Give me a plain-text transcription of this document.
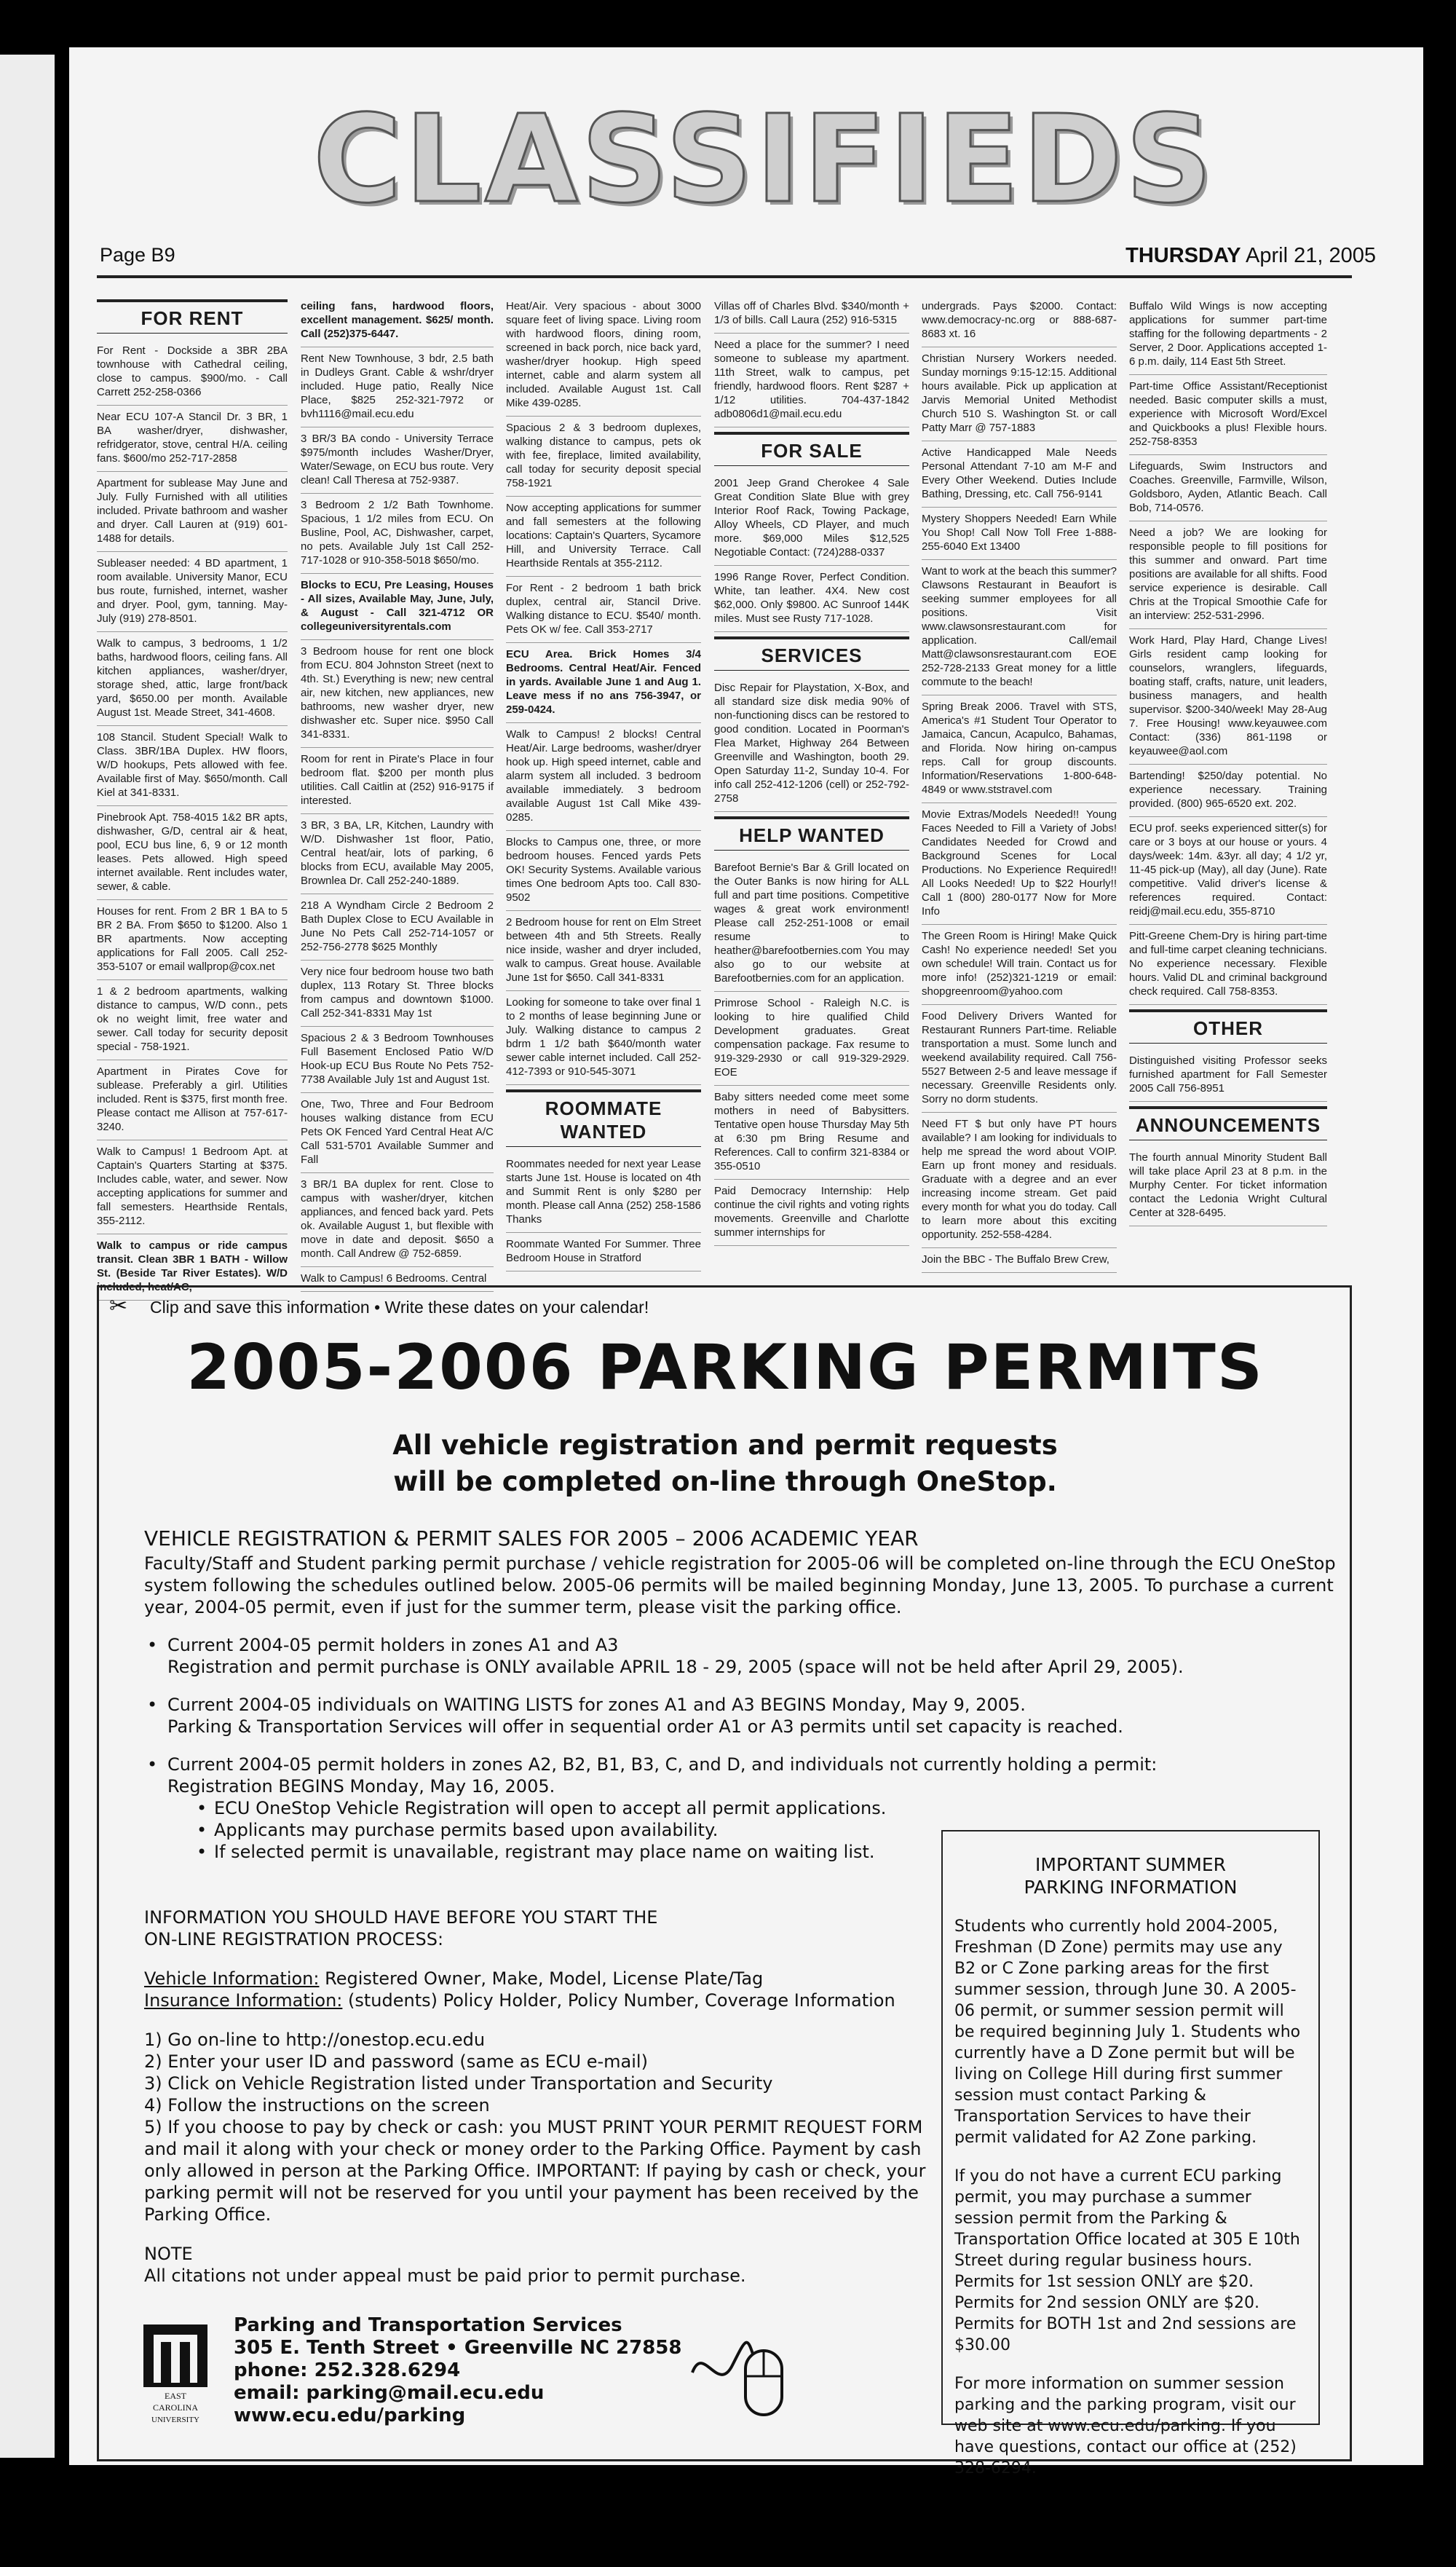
CLASSIFIEDS
Page B9	THURSDAY April 21, 2005
FOR RENT
For Rent - Dockside a 3BR 2BA townhouse with Cathedral ceiling, close to campus. $900/mo. - Call Carrett 252-258-0366
Near ECU 107-A Stancil Dr. 3 BR, 1 BA washer/dryer, dishwasher, refridgerator, stove, central H/A. ceiling fans. $600/mo 252-717-2858
Apartment for sublease May June and July. Fully Furnished with all utilities included. Private bathroom and washer and dryer. Call Lauren at (919) 601-1488 for details.
Subleaser needed: 4 BD apartment, 1 room available. University Manor, ECU bus route, furnished, internet, washer and dryer. Pool, gym, tanning. May-July (919) 278-8501.
Walk to campus, 3 bedrooms, 1 1/2 baths, hardwood floors, ceiling fans. All kitchen appliances, washer/dryer, storage shed, attic, large front/back yard, $650.00 per month. Available August 1st. Meade Street, 341-4608.
108 Stancil. Student Special! Walk to Class. 3BR/1BA Duplex. HW floors, W/D hookups, Pets allowed with fee. Available first of May. $650/month. Call Kiel at 341-8331.
Pinebrook Apt. 758-4015 1&2 BR apts, dishwasher, G/D, central air & heat, pool, ECU bus line, 6, 9 or 12 month leases. Pets allowed. High speed internet available. Rent includes water, sewer, & cable.
Houses for rent. From 2 BR 1 BA to 5 BR 2 BA. From $650 to $1200. Also 1 BR apartments. Now accepting applications for Fall 2005. Call 252-353-5107 or email wallprop@cox.net
1 & 2 bedroom apartments, walking distance to campus, W/D conn., pets ok no weight limit, free water and sewer. Call today for security deposit special - 758-1921.
Apartment in Pirates Cove for sublease. Preferably a girl. Utilities included. Rent is $375, first month free. Please contact me Allison at 757-617-3240.
Walk to Campus! 1 Bedroom Apt. at Captain's Quarters Starting at $375. Includes cable, water, and sewer. Now accepting applications for summer and fall semesters. Hearthside Rentals, 355-2112.
Walk to campus or ride campus transit. Clean 3BR 1 BATH - Willow St. (Beside Tar River Estates). W/D included, heat/AC,
ceiling fans, hardwood floors, excellent management. $625/ month. Call (252)375-6447.
Rent New Townhouse, 3 bdr, 2.5 bath in Dudleys Grant. Cable & wshr/dryer included. Huge patio, Really Nice Place, $825 252-321-7972 or bvh1116@mail.ecu.edu
3 BR/3 BA condo - University Terrace $975/month includes Washer/Dryer, Water/Sewage, on ECU bus route. Very clean! Call Theresa at 752-9387.
3 Bedroom 2 1/2 Bath Townhome. Spacious, 1 1/2 miles from ECU. On Busline, Pool, AC, Dishwasher, carpet, no pets. Available July 1st Call 252-717-1028 or 910-358-5018 $650/mo.
Blocks to ECU, Pre Leasing, Houses - All sizes, Available May, June, July, & August - Call 321-4712 OR collegeuniversityrentals.com
3 Bedroom house for rent one block from ECU. 804 Johnston Street (next to 4th. St.) Everything is new; new central air, new kitchen, new appliances, new bathrooms, new washer dryer, new dishwasher etc. Super nice. $950 Call 341-8331.
Room for rent in Pirate's Place in four bedroom flat. $200 per month plus utilities. Call Caitlin at (252) 916-9175 if interested.
3 BR, 3 BA, LR, Kitchen, Laundry with W/D. Dishwasher 1st floor, Patio, Central heat/air, lots of parking, 6 blocks from ECU, available May 2005, Brownlea Dr. Call 252-240-1889.
218 A Wyndham Circle 2 Bedroom 2 Bath Duplex Close to ECU Available in June No Pets Call 252-714-1057 or 252-756-2778 $625 Monthly
Very nice four bedroom house two bath duplex, 113 Rotary St. Three blocks from campus and downtown $1000. Call 252-341-8331 May 1st
Spacious 2 & 3 Bedroom Townhouses Full Basement Enclosed Patio W/D Hook-up ECU Bus Route No Pets 752-7738 Available July 1st and August 1st.
One, Two, Three and Four Bedroom houses walking distance from ECU Pets OK Fenced Yard Central Heat A/C Call 531-5701 Available Summer and Fall
3 BR/1 BA duplex for rent. Close to campus with washer/dryer, kitchen appliances, and fenced back yard. Pets ok. Available August 1, but flexible with move in date and deposit. $650 a month. Call Andrew @ 752-6859.
Walk to Campus! 6 Bedrooms. Central
Heat/Air. Very spacious - about 3000 square feet of living space. Living room with hardwood floors, dining room, screened in back porch, nice back yard, washer/dryer hookup. High speed internet, cable and alarm system all included. Available August 1st. Call Mike 439-0285.
Spacious 2 & 3 bedroom duplexes, walking distance to campus, pets ok with fee, fireplace, limited availability, call today for security deposit special 758-1921
Now accepting applications for summer and fall semesters at the following locations: Captain's Quarters, Sycamore Hill, and University Terrace. Call Hearthside Rentals at 355-2112.
For Rent - 2 bedroom 1 bath brick duplex, central air, Stancil Drive. Walking distance to ECU. $540/ month. Pets OK w/ fee. Call 353-2717
ECU Area. Brick Homes 3/4 Bedrooms. Central Heat/Air. Fenced in yards. Available June 1 and Aug 1. Leave mess if no ans 756-3947, or 259-0424.
Walk to Campus! 2 blocks! Central Heat/Air. Large bedrooms, washer/dryer hook up. High speed internet, cable and alarm system all included. 3 bedroom available immediately. 3 bedroom available August 1st Call Mike 439-0285.
Blocks to Campus one, three, or more bedroom houses. Fenced yards Pets OK! Security Systems. Available various times One bedroom Apts too. Call 830-9502
2 Bedroom house for rent on Elm Street between 4th and 5th Streets. Really nice inside, washer and dryer included, walk to campus. Great house. Available June 1st for $650. Call 341-8331
Looking for someone to take over final 1 to 2 months of lease beginning June or July. Walking distance to campus 2 bdrm 1 1/2 bath $640/month water sewer cable internet included. Call 252-412-7393 or 910-545-3071
ROOMMATE WANTED
Roommates needed for next year Lease starts June 1st. House is located on 4th and Summit Rent is only $280 per month. Please call Anna (252) 258-1586 Thanks
Roommate Wanted For Summer. Three Bedroom House in Stratford
Villas off of Charles Blvd. $340/month + 1/3 of bills. Call Laura (252) 916-5315
Need a place for the summer? I need someone to sublease my apartment. 11th Street, walk to campus, pet friendly, hardwood floors. Rent $287 + 1/12 utilities. 704-437-1842 adb0806d1@mail.ecu.edu
FOR SALE
2001 Jeep Grand Cherokee 4 Sale Great Condition Slate Blue with grey Interior Roof Rack, Towing Package, Alloy Wheels, CD Player, and much more. $69,000 Miles $12,525 Negotiable Contact: (724)288-0337
1996 Range Rover, Perfect Condition. White, tan leather. 4X4. New cost $62,000. Only $9800. AC Sunroof 144K miles. Must see Rusty 717-1028.
SERVICES
Disc Repair for Playstation, X-Box, and all standard size disk media 90% of non-functioning discs can be restored to good condition. Located in Poorman's Flea Market, Highway 264 Between Greenville and Washington, booth 29. Open Saturday 11-2, Sunday 10-4. For info call 252-412-1206 (cell) or 252-792-2758
HELP WANTED
Barefoot Bernie's Bar & Grill located on the Outer Banks is now hiring for ALL full and part time positions. Competitive wages & great work environment! Please call 252-251-1008 or email resume to heather@barefootbernies.com You may also go to our website at Barefootbernies.com for an application.
Primrose School - Raleigh N.C. is looking to hire qualified Child Development graduates. Great compensation package. Fax resume to 919-329-2930 or call 919-329-2929. EOE
Baby sitters needed come meet some mothers in need of Babysitters. Tentative open house Thursday May 5th at 6:30 pm Bring Resume and References. Call to confirm 321-8384 or 355-0510
Paid Democracy Internship: Help continue the civil rights and voting rights movements. Greenville and Charlotte summer internships for
undergrads. Pays $2000. Contact: www.democracy-nc.org or 888-687-8683 xt. 16
Christian Nursery Workers needed. Sunday mornings 9:15-12:15. Additional hours available. Pick up application at Jarvis Memorial United Methodist Church 510 S. Washington St. or call Patty Marr @ 757-1883
Active Handicapped Male Needs Personal Attendant 7-10 am M-F and Every Other Weekend. Duties Include Bathing, Dressing, etc. Call 756-9141
Mystery Shoppers Needed! Earn While You Shop! Call Now Toll Free 1-888-255-6040 Ext 13400
Want to work at the beach this summer? Clawsons Restaurant in Beaufort is seeking summer employees for all positions. Visit www.clawsonsrestaurant.com for application. Call/email Matt@clawsonsrestaurant.com EOE 252-728-2133 Great money for a little commute to the beach!
Spring Break 2006. Travel with STS, America's #1 Student Tour Operator to Jamaica, Cancun, Acapulco, Bahamas, and Florida. Now hiring on-campus reps. Call for group discounts. Information/Reservations 1-800-648-4849 or www.ststravel.com
Movie Extras/Models Needed!! Young Faces Needed to Fill a Variety of Jobs! Candidates Needed for Crowd and Background Scenes for Local Productions. No Experience Required!! All Looks Needed! Up to $22 Hourly!! Call 1 (800) 280-0177 Now for More Info
The Green Room is Hiring! Make Quick Cash! No experience needed! Set you own schedule! Will train. Contact us for more info! (252)321-1219 or email: shopgreenroom@yahoo.com
Food Delivery Drivers Wanted for Restaurant Runners Part-time. Reliable transportation a must. Some lunch and weekend availability required. Call 756-5527 Between 2-5 and leave message if necessary. Greenville Residents only. Sorry no dorm students.
Need FT $ but only have PT hours available? I am looking for individuals to help me spread the word about VOIP. Earn up front money and residuals. Graduate with a degree and an ever increasing income stream. Get paid every month for what you do today. Call to learn more about this exciting opportunity. 252-558-4284.
Join the BBC - The Buffalo Brew Crew,
Buffalo Wild Wings is now accepting applications for summer part-time staffing for the following departments - 2 Server, 2 Door. Applications accepted 1-6 p.m. daily, 114 East 5th Street.
Part-time Office Assistant/Receptionist needed. Basic computer skills a must, experience with Microsoft Word/Excel and Quickbooks a plus! Flexible hours. 252-758-8353
Lifeguards, Swim Instructors and Coaches. Greenville, Farmville, Wilson, Goldsboro, Ayden, Atlantic Beach. Call Bob, 714-0576.
Need a job? We are looking for responsible people to fill positions for this summer and onward. Part time positions are available for all shifts. Food service experience is desirable. Call Chris at the Tropical Smoothie Cafe for an interview: 252-531-2996.
Work Hard, Play Hard, Change Lives! Girls resident camp looking for counselors, wranglers, lifeguards, boating staff, crafts, nature, unit leaders, business managers, and health supervisor. $200-340/week! May 28-Aug 7. Free Housing! www.keyauwee.com Contact: (336) 861-1198 or keyauwee@aol.com
Bartending! $250/day potential. No experience necessary. Training provided. (800) 965-6520 ext. 202.
ECU prof. seeks experienced sitter(s) for care or 3 boys at our house or yours. 4 days/week: 14m. &3yr. all day; 4 1/2 yr, 11-45 pick-up (May), all day (June). Rate competitive. Valid driver's license & references required. Contact: reidj@mail.ecu.edu, 355-8710
Pitt-Greene Chem-Dry is hiring part-time and full-time carpet cleaning technicians. No experience necessary. Flexible hours. Valid DL and criminal background check required. Call 758-8353.
OTHER
Distinguished visiting Professor seeks furnished apartment for Fall Semester 2005 Call 756-8951
ANNOUNCEMENTS
The fourth annual Minority Student Ball will take place April 23 at 8 p.m. in the Murphy Center. For ticket information contact the Ledonia Wright Cultural Center at 328-6495.
✂ Clip and save this information • Write these dates on your calendar!
2005-2006 PARKING PERMITS
All vehicle registration and permit requests
will be completed on-line through OneStop.
VEHICLE REGISTRATION & PERMIT SALES FOR 2005 – 2006 ACADEMIC YEAR
Faculty/Staff and Student parking permit purchase / vehicle registration for 2005-06 will be completed on-line through the ECU OneStop system following the schedules outlined below. 2005-06 permits will be mailed beginning Monday, June 13, 2005. To purchase a current year, 2004-05 permit, even if just for the summer term, please visit the parking office.
• Current 2004-05 permit holders in zones A1 and A3
Registration and permit purchase is ONLY available APRIL 18 - 29, 2005 (space will not be held after April 29, 2005).
• Current 2004-05 individuals on WAITING LISTS for zones A1 and A3 BEGINS Monday, May 9, 2005.
Parking & Transportation Services will offer in sequential order A1 or A3 permits until set capacity is reached.
• Current 2004-05 permit holders in zones A2, B2, B1, B3, C, and D, and individuals not currently holding a permit:
Registration BEGINS Monday, May 16, 2005.
• ECU OneStop Vehicle Registration will open to accept all permit applications.
• Applicants may purchase permits based upon availability.
• If selected permit is unavailable, registrant may place name on waiting list.
INFORMATION YOU SHOULD HAVE BEFORE YOU START THE
ON-LINE REGISTRATION PROCESS:
Vehicle Information: Registered Owner, Make, Model, License Plate/Tag
Insurance Information: (students) Policy Holder, Policy Number, Coverage Information
1) Go on-line to http://onestop.ecu.edu
2) Enter your user ID and password (same as ECU e-mail)
3) Click on Vehicle Registration listed under Transportation and Security
4) Follow the instructions on the screen
5) If you choose to pay by check or cash: you MUST PRINT YOUR PERMIT REQUEST FORM and mail it along with your check or money order to the Parking Office. Payment by cash only allowed in person at the Parking Office. IMPORTANT: If paying by cash or check, your parking permit will not be reserved for you until your payment has been received by the Parking Office.
NOTE
All citations not under appeal must be paid prior to permit purchase.
IMPORTANT SUMMER
PARKING INFORMATION

Students who currently hold 2004-2005, Freshman (D Zone) permits may use any B2 or C Zone parking areas for the first summer session, through June 30. A 2005-06 permit, or summer session permit will be required beginning July 1. Students who currently have a D Zone permit but will be living on College Hill during first summer session must contact Parking & Transportation Services to have their permit validated for A2 Zone parking.

If you do not have a current ECU parking permit, you may purchase a summer session permit from the Parking & Transportation Office located at 305 E 10th Street during regular business hours. Permits for 1st session ONLY are $20. Permits for 2nd session ONLY are $20. Permits for BOTH 1st and 2nd sessions are $30.00

For more information on summer session parking and the parking program, visit our web site at www.ecu.edu/parking. If you have questions, contact our office at (252) 328-6294.

EAST
CAROLINA
UNIVERSITY
Parking and Transportation Services
305 E. Tenth Street • Greenville NC 27858
phone: 252.328.6294
email: parking@mail.ecu.edu
www.ecu.edu/parking
